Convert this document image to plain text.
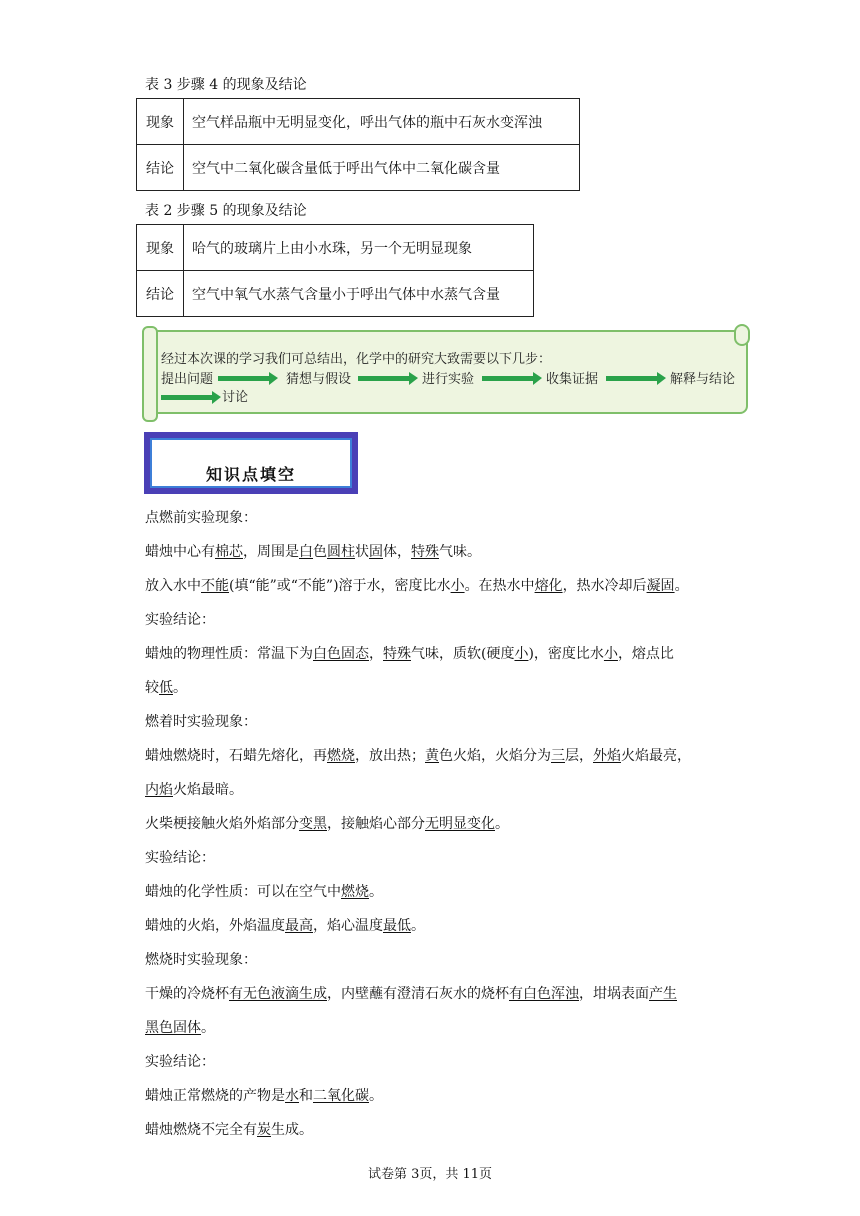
表 3 步骤 4 的现象及结论
现象	空气样品瓶中无明显变化，呼出气体的瓶中石灰水变浑浊
结论	空气中二氧化碳含量低于呼出气体中二氧化碳含量
表 2 步骤 5 的现象及结论
现象	哈气的玻璃片上由小水珠，另一个无明显现象
结论	空气中氧气水蒸气含量小于呼出气体中水蒸气含量
经过本次课的学习我们可总结出，化学中的研究大致需要以下几步：
提出问题	猜想与假设	进行实验	收集证据	解释与结论
讨论
知识点填空
点燃前实验现象：
蜡烛中心有棉芯，周围是白色圆柱状固体，特殊气味。
放入水中不能(填“能”或“不能”)溶于水，密度比水小。在热水中熔化，热水冷却后凝固。
实验结论：
蜡烛的物理性质：常温下为白色固态，特殊气味，质软(硬度小)，密度比水小，熔点比
较低。
燃着时实验现象：
蜡烛燃烧时，石蜡先熔化，再燃烧，放出热；黄色火焰，火焰分为三层，外焰火焰最亮，
内焰火焰最暗。
火柴梗接触火焰外焰部分变黑，接触焰心部分无明显变化。
实验结论：
蜡烛的化学性质：可以在空气中燃烧。
蜡烛的火焰，外焰温度最高，焰心温度最低。
燃烧时实验现象：
干燥的冷烧杯有无色液滴生成，内壁蘸有澄清石灰水的烧杯有白色浑浊，坩埚表面产生
黑色固体。
实验结论：
蜡烛正常燃烧的产物是水和二氧化碳。
蜡烛燃烧不完全有炭生成。
试卷第 3页，共 11页
